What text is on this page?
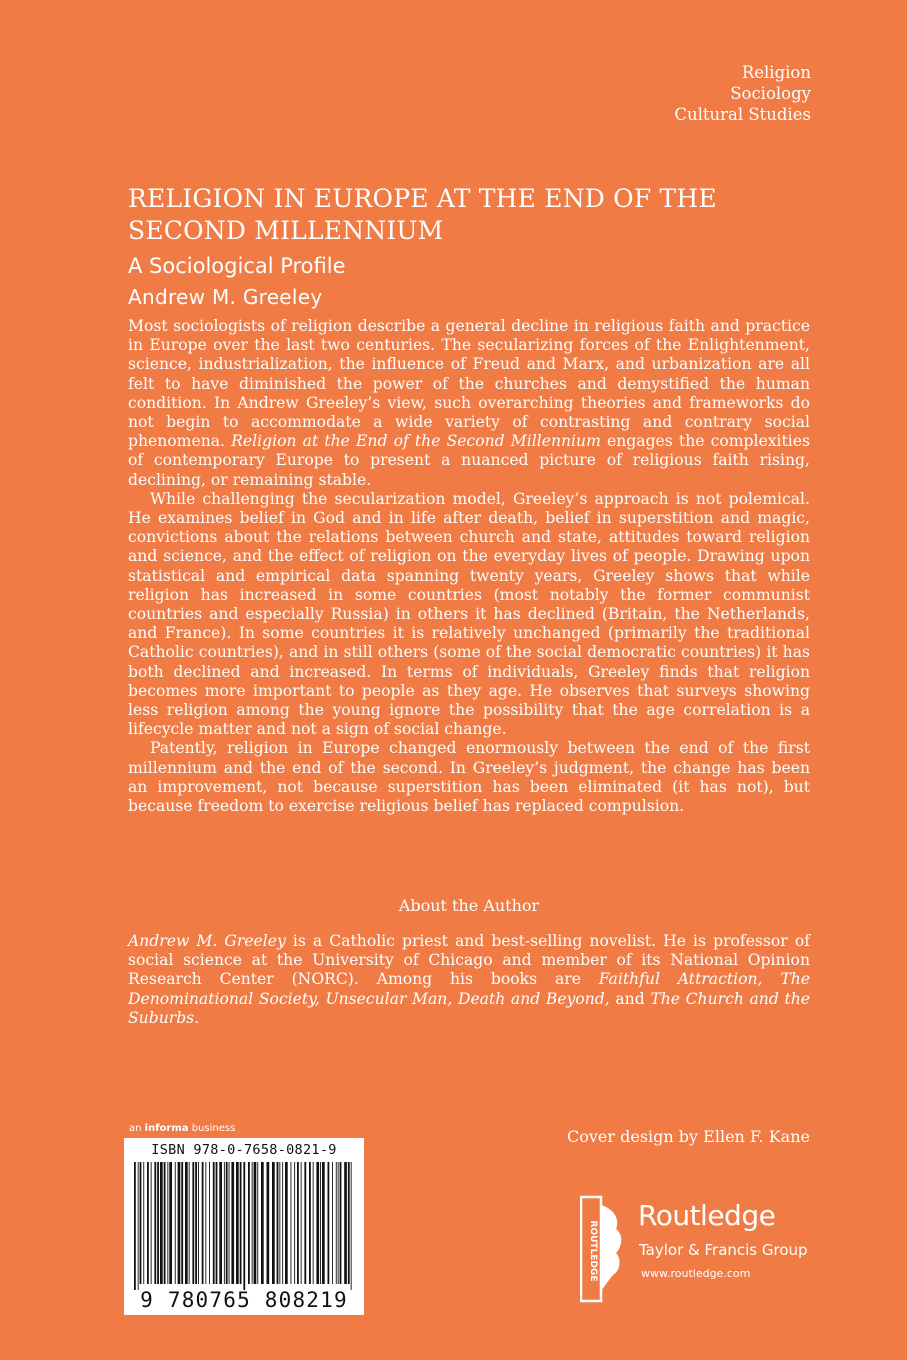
Religion
Sociology
Cultural Studies
RELIGION IN EUROPE AT THE END OF THE
SECOND MILLENNIUM
A Sociological Profile
Andrew M. Greeley

Most sociologists of religion describe a general decline in religious faith and practice in Europe over the last two centuries. The secularizing forces of the Enlightenment, science, industrialization, the influence of Freud and Marx, and urbanization are all felt to have diminished the power of the churches and demystified the human condition. In Andrew Greeley’s view, such overarching theories and frameworks do not begin to accommodate a wide variety of contrasting and contrary social phenomena. Religion at the End of the Second Millennium engages the complexities of contemporary Europe to present a nuanced picture of religious faith rising, declining, or remaining stable.

While challenging the secularization model, Greeley’s approach is not polemical. He examines belief in God and in life after death, belief in superstition and magic, convictions about the relations between church and state, attitudes toward religion and science, and the effect of religion on the everyday lives of people. Drawing upon statistical and empirical data spanning twenty years, Greeley shows that while religion has increased in some countries (most notably the former communist countries and especially Russia) in others it has declined (Britain, the Netherlands, and France). In some countries it is relatively unchanged (primarily the traditional Catholic countries), and in still others (some of the social democratic countries) it has both declined and increased. In terms of individuals, Greeley finds that religion becomes more important to people as they age. He observes that surveys showing less religion among the young ignore the possibility that the age correlation is a lifecycle matter and not a sign of social change.

Patently, religion in Europe changed enormously between the end of the first millennium and the end of the second. In Greeley’s judgment, the change has been an improvement, not because superstition has been eliminated (it has not), but because freedom to exercise religious belief has replaced compulsion.

About the Author

Andrew M. Greeley is a Catholic priest and best-selling novelist. He is professor of social science at the University of Chicago and member of its National Opinion Research Center (NORC). Among his books are Faithful Attraction, The Denominational Society, Unsecular Man, Death and Beyond, and The Church and the Suburbs.

an informa business
ISBN 978-0-7658-0821-9
9 780765 808219
Cover design by Ellen F. Kane
ROUTLEDGE
Routledge
Taylor & Francis Group
www.routledge.com
